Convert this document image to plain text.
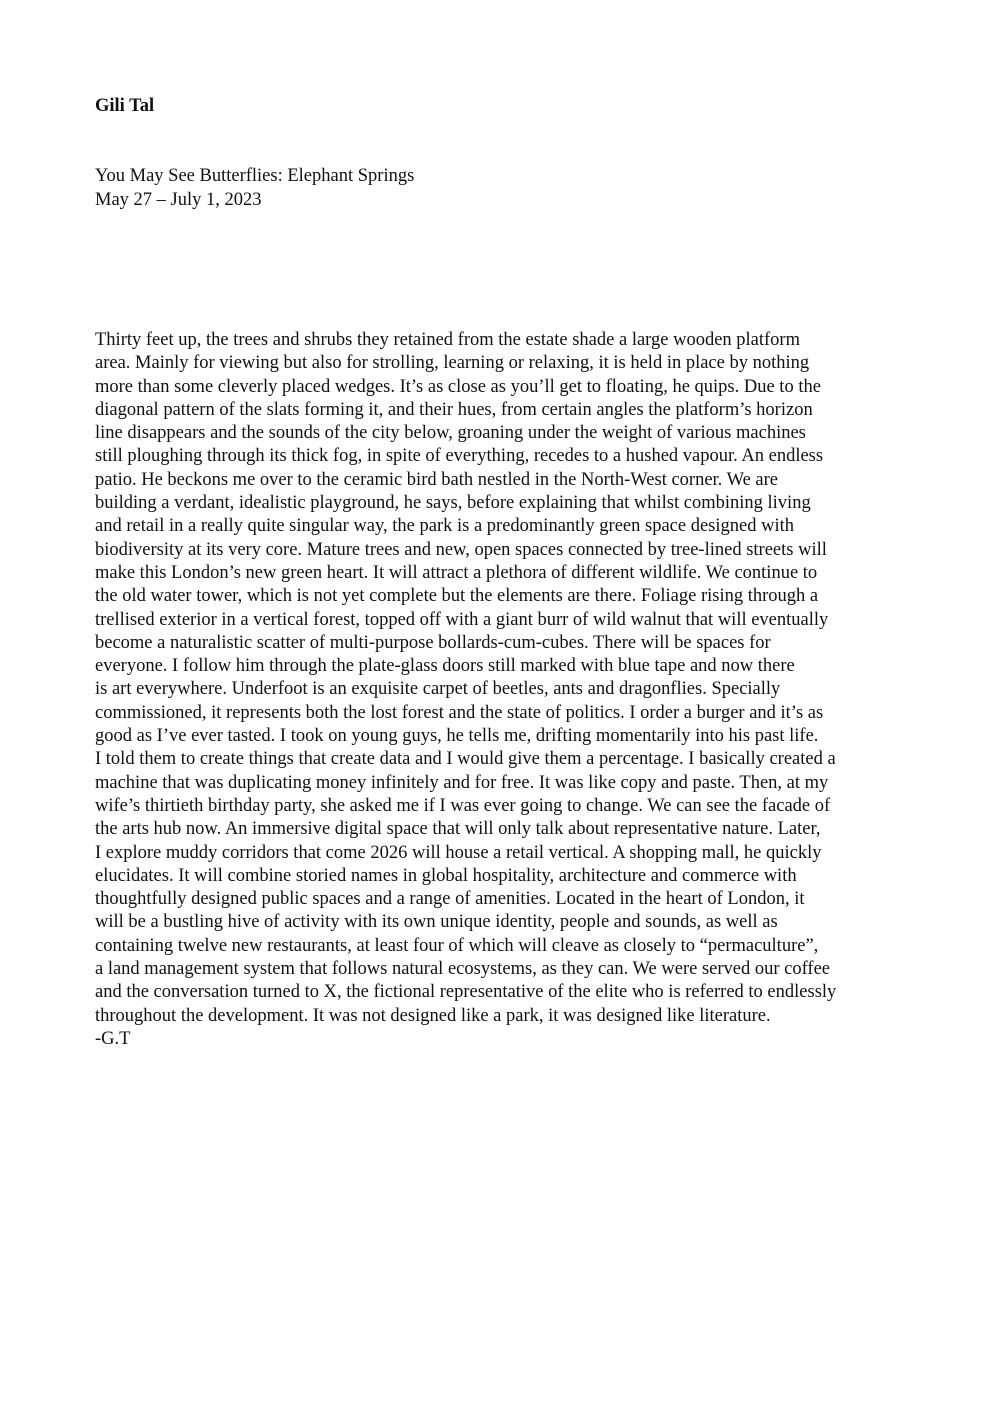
Gili Tal
You May See Butterflies: Elephant Springs
May 27 – July 1, 2023
Thirty feet up, the trees and shrubs they retained from the estate shade a large wooden platform
area. Mainly for viewing but also for strolling, learning or relaxing, it is held in place by nothing
more than some cleverly placed wedges. It’s as close as you’ll get to floating, he quips. Due to the
diagonal pattern of the slats forming it, and their hues, from certain angles the platform’s horizon
line disappears and the sounds of the city below, groaning under the weight of various machines
still ploughing through its thick fog, in spite of everything, recedes to a hushed vapour. An endless
patio. He beckons me over to the ceramic bird bath nestled in the North-West corner. We are
building a verdant, idealistic playground, he says, before explaining that whilst combining living
and retail in a really quite singular way, the park is a predominantly green space designed with
biodiversity at its very core. Mature trees and new, open spaces connected by tree-lined streets will
make this London’s new green heart. It will attract a plethora of different wildlife. We continue to
the old water tower, which is not yet complete but the elements are there. Foliage rising through a
trellised exterior in a vertical forest, topped off with a giant burr of wild walnut that will eventually
become a naturalistic scatter of multi-purpose bollards-cum-cubes. There will be spaces for
everyone. I follow him through the plate-glass doors still marked with blue tape and now there
is art everywhere. Underfoot is an exquisite carpet of beetles, ants and dragonflies. Specially
commissioned, it represents both the lost forest and the state of politics. I order a burger and it’s as
good as I’ve ever tasted. I took on young guys, he tells me, drifting momentarily into his past life.
I told them to create things that create data and I would give them a percentage. I basically created a
machine that was duplicating money infinitely and for free. It was like copy and paste. Then, at my
wife’s thirtieth birthday party, she asked me if I was ever going to change. We can see the facade of
the arts hub now. An immersive digital space that will only talk about representative nature. Later,
I explore muddy corridors that come 2026 will house a retail vertical. A shopping mall, he quickly
elucidates. It will combine storied names in global hospitality, architecture and commerce with
thoughtfully designed public spaces and a range of amenities. Located in the heart of London, it
will be a bustling hive of activity with its own unique identity, people and sounds, as well as
containing twelve new restaurants, at least four of which will cleave as closely to “permaculture”,
a land management system that follows natural ecosystems, as they can. We were served our coffee
and the conversation turned to X, the fictional representative of the elite who is referred to endlessly
throughout the development. It was not designed like a park, it was designed like literature.
-G.T
